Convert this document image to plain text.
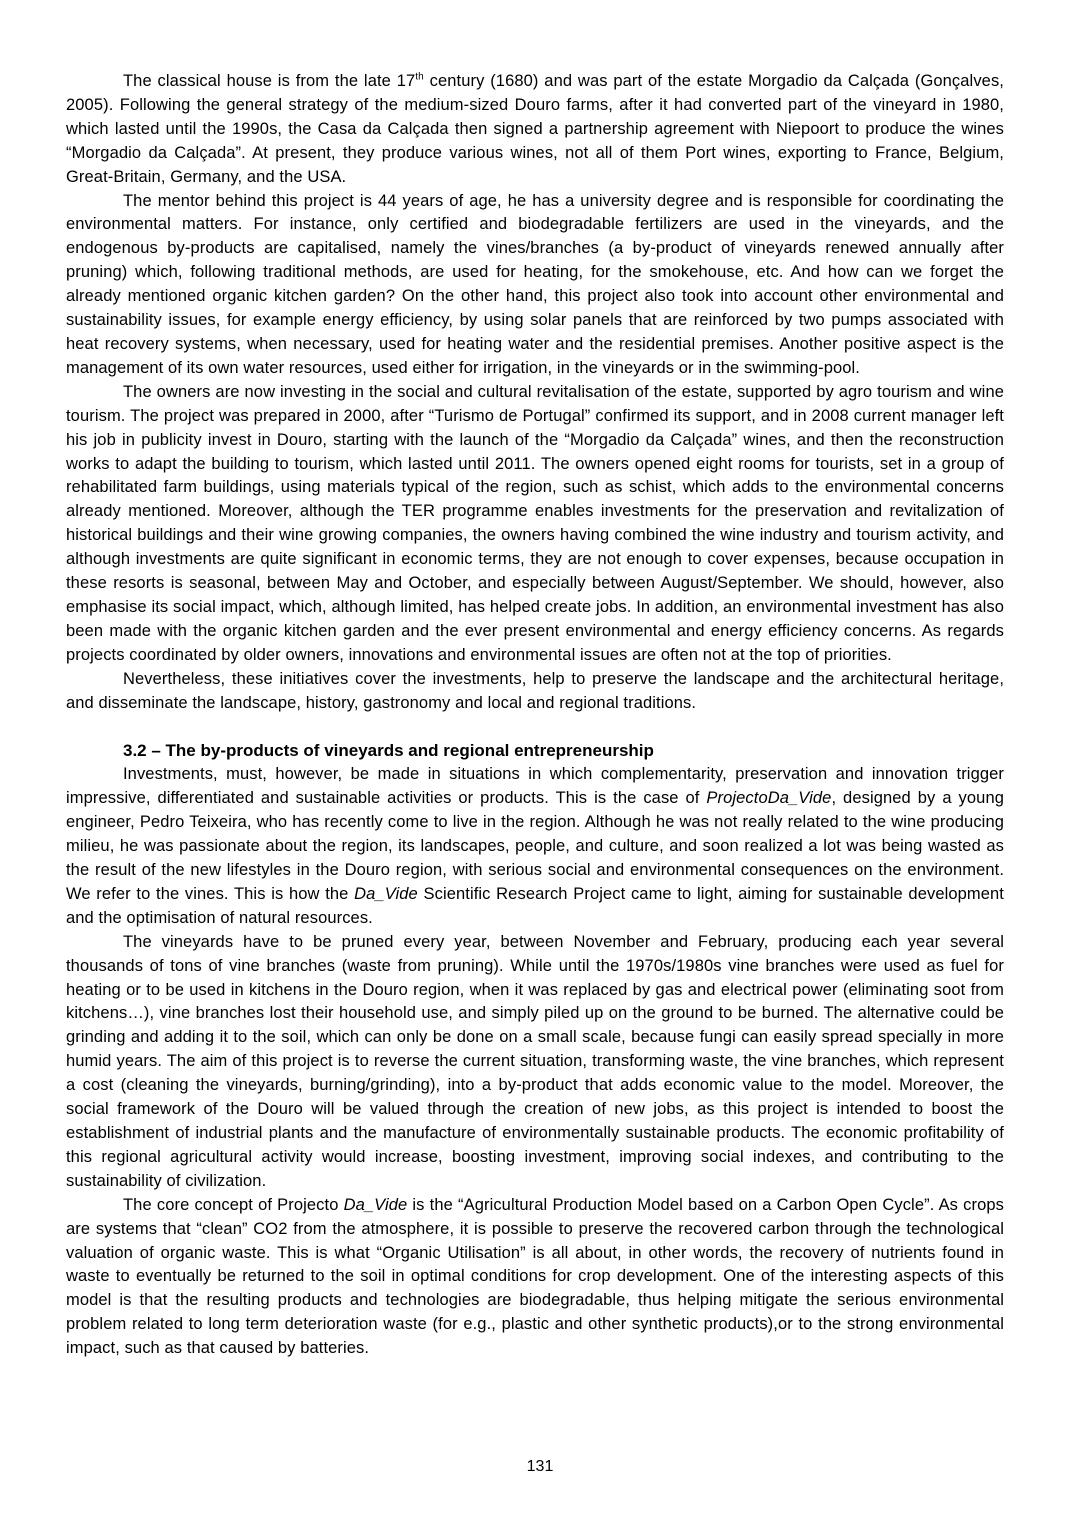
The classical house is from the late 17th century (1680) and was part of the estate Morgadio da Calçada (Gonçalves, 2005). Following the general strategy of the medium-sized Douro farms, after it had converted part of the vineyard in 1980, which lasted until the 1990s, the Casa da Calçada then signed a partnership agreement with Niepoort to produce the wines “Morgadio da Calçada”. At present, they produce various wines, not all of them Port wines, exporting to France, Belgium, Great-Britain, Germany, and the USA.

The mentor behind this project is 44 years of age, he has a university degree and is responsible for coordinating the environmental matters. For instance, only certified and biodegradable fertilizers are used in the vineyards, and the endogenous by-products are capitalised, namely the vines/branches (a by-product of vineyards renewed annually after pruning) which, following traditional methods, are used for heating, for the smokehouse, etc. And how can we forget the already mentioned organic kitchen garden? On the other hand, this project also took into account other environmental and sustainability issues, for example energy efficiency, by using solar panels that are reinforced by two pumps associated with heat recovery systems, when necessary, used for heating water and the residential premises. Another positive aspect is the management of its own water resources, used either for irrigation, in the vineyards or in the swimming-pool.

The owners are now investing in the social and cultural revitalisation of the estate, supported by agro tourism and wine tourism. The project was prepared in 2000, after “Turismo de Portugal” confirmed its support, and in 2008 current manager left his job in publicity invest in Douro, starting with the launch of the “Morgadio da Calçada” wines, and then the reconstruction works to adapt the building to tourism, which lasted until 2011. The owners opened eight rooms for tourists, set in a group of rehabilitated farm buildings, using materials typical of the region, such as schist, which adds to the environmental concerns already mentioned. Moreover, although the TER programme enables investments for the preservation and revitalization of historical buildings and their wine growing companies, the owners having combined the wine industry and tourism activity, and although investments are quite significant in economic terms, they are not enough to cover expenses, because occupation in these resorts is seasonal, between May and October, and especially between August/September. We should, however, also emphasise its social impact, which, although limited, has helped create jobs. In addition, an environmental investment has also been made with the organic kitchen garden and the ever present environmental and energy efficiency concerns. As regards projects coordinated by older owners, innovations and environmental issues are often not at the top of priorities.

Nevertheless, these initiatives cover the investments, help to preserve the landscape and the architectural heritage, and disseminate the landscape, history, gastronomy and local and regional traditions.

3.2 – The by-products of vineyards and regional entrepreneurship

Investments, must, however, be made in situations in which complementarity, preservation and innovation trigger impressive, differentiated and sustainable activities or products. This is the case of ProjectoDa_Vide, designed by a young engineer, Pedro Teixeira, who has recently come to live in the region. Although he was not really related to the wine producing milieu, he was passionate about the region, its landscapes, people, and culture, and soon realized a lot was being wasted as the result of the new lifestyles in the Douro region, with serious social and environmental consequences on the environment. We refer to the vines. This is how the Da_Vide Scientific Research Project came to light, aiming for sustainable development and the optimisation of natural resources.

The vineyards have to be pruned every year, between November and February, producing each year several thousands of tons of vine branches (waste from pruning). While until the 1970s/1980s vine branches were used as fuel for heating or to be used in kitchens in the Douro region, when it was replaced by gas and electrical power (eliminating soot from kitchens…), vine branches lost their household use, and simply piled up on the ground to be burned. The alternative could be grinding and adding it to the soil, which can only be done on a small scale, because fungi can easily spread specially in more humid years. The aim of this project is to reverse the current situation, transforming waste, the vine branches, which represent a cost (cleaning the vineyards, burning/grinding), into a by-product that adds economic value to the model. Moreover, the social framework of the Douro will be valued through the creation of new jobs, as this project is intended to boost the establishment of industrial plants and the manufacture of environmentally sustainable products. The economic profitability of this regional agricultural activity would increase, boosting investment, improving social indexes, and contributing to the sustainability of civilization.

The core concept of Projecto Da_Vide is the “Agricultural Production Model based on a Carbon Open Cycle”. As crops are systems that “clean” CO2 from the atmosphere, it is possible to preserve the recovered carbon through the technological valuation of organic waste. This is what “Organic Utilisation” is all about, in other words, the recovery of nutrients found in waste to eventually be returned to the soil in optimal conditions for crop development. One of the interesting aspects of this model is that the resulting products and technologies are biodegradable, thus helping mitigate the serious environmental problem related to long term deterioration waste (for e.g., plastic and other synthetic products),or to the strong environmental impact, such as that caused by batteries.

131
